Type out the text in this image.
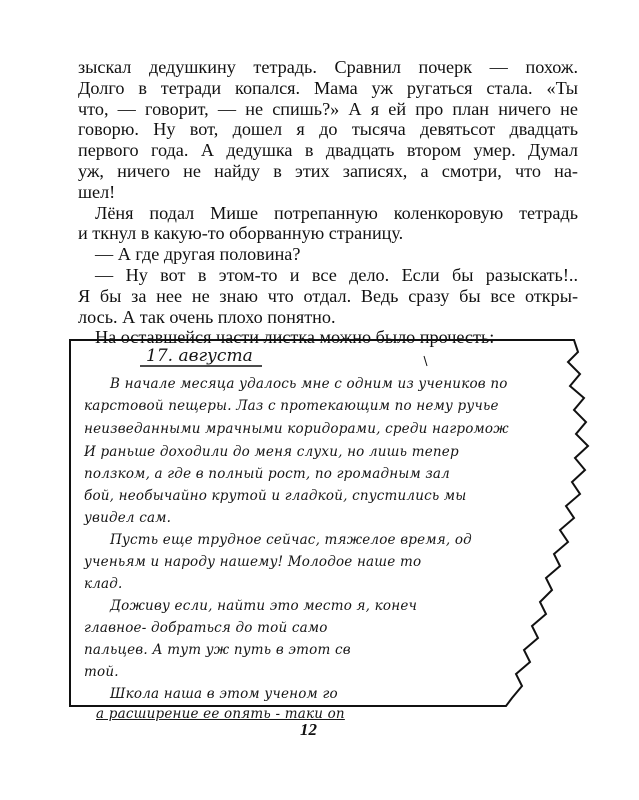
зыскал дедушкину тетрадь. Сравнил почерк — похож.
Долго в тетради копался. Мама уж ругаться стала. «Ты
что, — говорит, — не спишь?» А я ей про план ничего не
говорю. Ну вот, дошел я до тысяча девятьсот двадцать
первого года. А дедушка в двадцать втором умер. Думал
уж, ничего не найду в этих записях, а смотри, что на-
шел!

Лёня подал Мише потрепанную коленкоровую тетрадь
и ткнул в какую-то оборванную страницу.

— А где другая половина?

— Ну вот в этом-то и все дело. Если бы разыскать!..
Я бы за нее не знаю что отдал. Ведь сразу бы все откры-
лось. А так очень плохо понятно.

На оставшейся части листка можно было прочесть:

17. августа
В начале месяца удалось мне с одним из учеников по
карстовой пещеры. Лаз с протекающим по нему ручье
неизведанными мрачными коридорами, среди нагромож
И раньше доходили до меня слухи, но лишь тепер
ползком, а где в полный рост, по громадным зал
бой, необычайно крутой и гладкой, спустились мы
увидел сам.
Пусть еще трудное сейчас, тяжелое время, од
ученьям и народу нашему! Молодое наше то
клад.
Доживу если, найти это место я, конеч
главное- добраться до той само
пальцев. А тут уж путь в этот св
той.
Школа наша в этом ученом го
а расширение ее опять - таки оп
12
